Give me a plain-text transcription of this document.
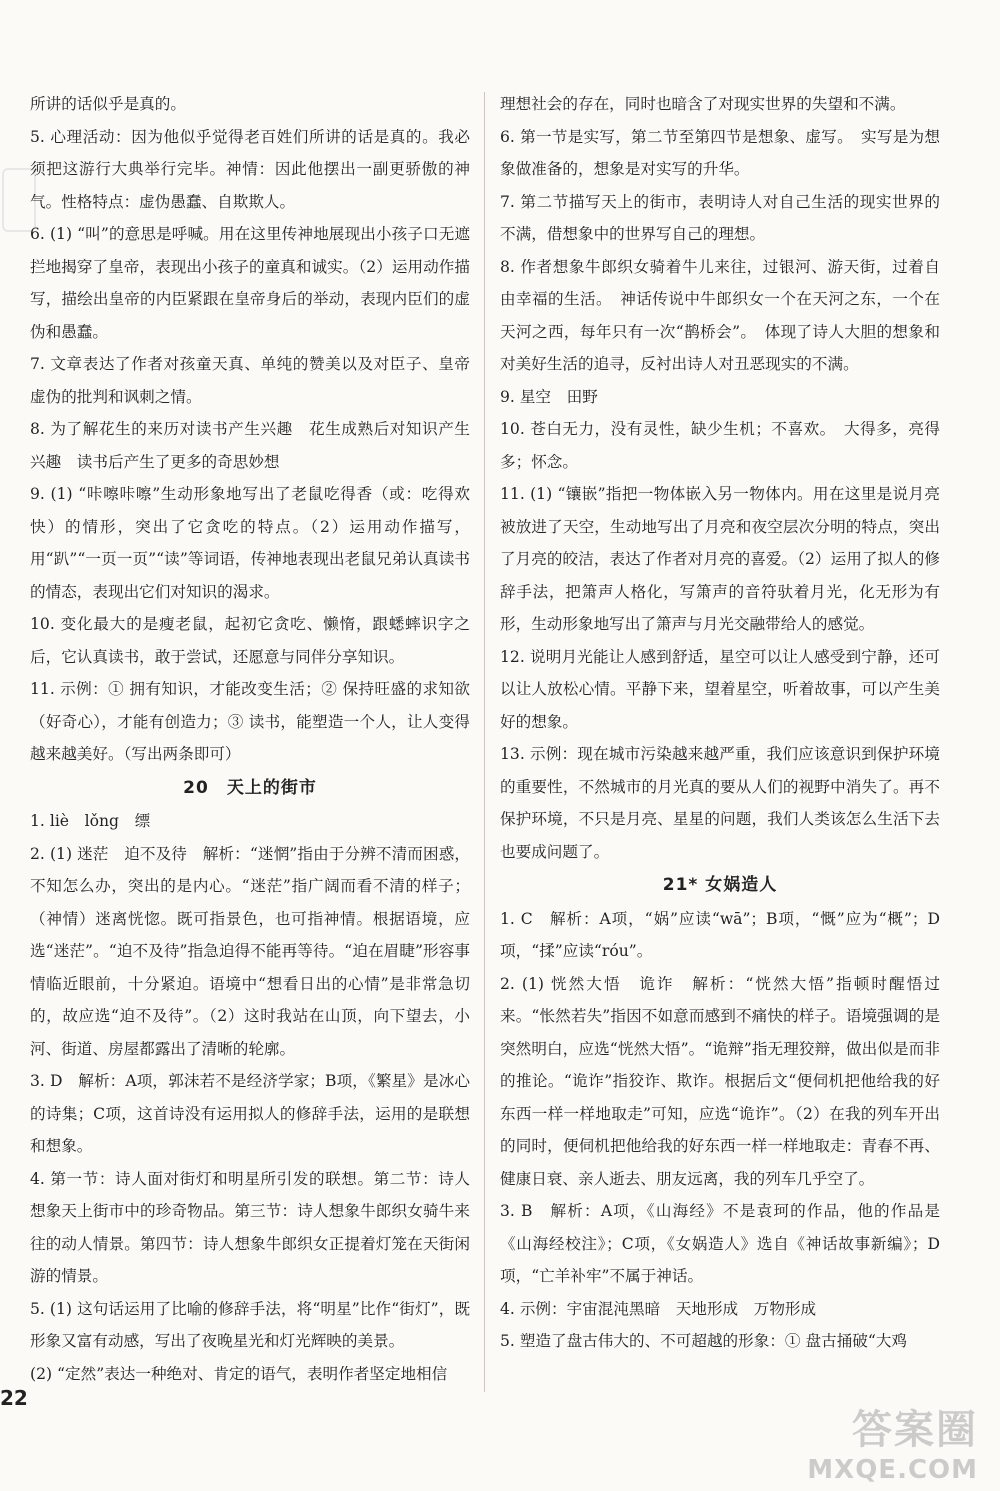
所讲的话似乎是真的。
5. 心理活动：因为他似乎觉得老百姓们所讲的话是真的。我必须把这游行大典举行完毕。神情：因此他摆出一副更骄傲的神气。性格特点：虚伪愚蠢、自欺欺人。
6. (1) “叫”的意思是呼喊。用在这里传神地展现出小孩子口无遮拦地揭穿了皇帝，表现出小孩子的童真和诚实。（2）运用动作描写，描绘出皇帝的内臣紧跟在皇帝身后的举动，表现内臣们的虚伪和愚蠢。
7. 文章表达了作者对孩童天真、单纯的赞美以及对臣子、皇帝虚伪的批判和讽刺之情。
8. 为了解花生的来历对读书产生兴趣　花生成熟后对知识产生兴趣　读书后产生了更多的奇思妙想
9. (1) “咔嚓咔嚓”生动形象地写出了老鼠吃得香（或：吃得欢快）的情形，突出了它贪吃的特点。（2）运用动作描写，用“趴”“一页一页”“读”等词语，传神地表现出老鼠兄弟认真读书的情态，表现出它们对知识的渴求。
10. 变化最大的是瘦老鼠，起初它贪吃、懒惰，跟蟋蟀识字之后，它认真读书，敢于尝试，还愿意与同伴分享知识。
11. 示例：① 拥有知识，才能改变生活；② 保持旺盛的求知欲（好奇心），才能有创造力；③ 读书，能塑造一个人，让人变得越来越美好。（写出两条即可）
20　天上的街市
1. liè　lǒng　缥
2. (1) 迷茫　迫不及待　解析：“迷惘”指由于分辨不清而困惑，不知怎么办，突出的是内心。“迷茫”指广阔而看不清的样子；（神情）迷离恍惚。既可指景色，也可指神情。根据语境，应选“迷茫”。“迫不及待”指急迫得不能再等待。“迫在眉睫”形容事情临近眼前，十分紧迫。语境中“想看日出的心情”是非常急切的，故应选“迫不及待”。（2）这时我站在山顶，向下望去，小河、街道、房屋都露出了清晰的轮廓。
3. D　解析：A项，郭沫若不是经济学家；B项，《繁星》是冰心的诗集；C项，这首诗没有运用拟人的修辞手法，运用的是联想和想象。
4. 第一节：诗人面对街灯和明星所引发的联想。第二节：诗人想象天上街市中的珍奇物品。第三节：诗人想象牛郎织女骑牛来往的动人情景。第四节：诗人想象牛郎织女正提着灯笼在天街闲游的情景。
5. (1) 这句话运用了比喻的修辞手法，将“明星”比作“街灯”，既形象又富有动感，写出了夜晚星光和灯光辉映的美景。
(2) “定然”表达一种绝对、肯定的语气，表明作者坚定地相信
理想社会的存在，同时也暗含了对现实世界的失望和不满。
6. 第一节是实写，第二节至第四节是想象、虚写。　实写是为想象做准备的，想象是对实写的升华。
7. 第二节描写天上的街市，表明诗人对自己生活的现实世界的不满，借想象中的世界写自己的理想。
8. 作者想象牛郎织女骑着牛儿来往，过银河、游天街，过着自由幸福的生活。　神话传说中牛郎织女一个在天河之东，一个在天河之西，每年只有一次“鹊桥会”。　体现了诗人大胆的想象和对美好生活的追寻，反衬出诗人对丑恶现实的不满。
9. 星空　田野
10. 苍白无力，没有灵性，缺少生机；不喜欢。　大得多，亮得多；怀念。
11. (1) “镶嵌”指把一物体嵌入另一物体内。用在这里是说月亮被放进了天空，生动地写出了月亮和夜空层次分明的特点，突出了月亮的皎洁，表达了作者对月亮的喜爱。（2）运用了拟人的修辞手法，把箫声人格化，写箫声的音符驮着月光，化无形为有形，生动形象地写出了箫声与月光交融带给人的感觉。
12. 说明月光能让人感到舒适，星空可以让人感受到宁静，还可以让人放松心情。平静下来，望着星空，听着故事，可以产生美好的想象。
13. 示例：现在城市污染越来越严重，我们应该意识到保护环境的重要性，不然城市的月光真的要从人们的视野中消失了。再不保护环境，不只是月亮、星星的问题，我们人类该怎么生活下去也要成问题了。
21* 女娲造人
1. C　解析：A项，“娲”应读“wā”；B项，“慨”应为“概”；D项，“揉”应读“róu”。
2. (1) 恍然大悟　诡诈　解析：“恍然大悟”指顿时醒悟过来。“怅然若失”指因不如意而感到不痛快的样子。语境强调的是突然明白，应选“恍然大悟”。“诡辩”指无理狡辩，做出似是而非的推论。“诡诈”指狡诈、欺诈。根据后文“便伺机把他给我的好东西一样一样地取走”可知，应选“诡诈”。（2）在我的列车开出的同时，便伺机把他给我的好东西一样一样地取走：青春不再、健康日衰、亲人逝去、朋友远离，我的列车几乎空了。
3. B　解析：A项，《山海经》不是袁珂的作品，他的作品是《山海经校注》；C项，《女娲造人》选自《神话故事新编》；D项，“亡羊补牢”不属于神话。
4. 示例：宇宙混沌黑暗　天地形成　万物形成
5. 塑造了盘古伟大的、不可超越的形象：① 盘古捅破“大鸡
22
答案圈
MXQE.COM
